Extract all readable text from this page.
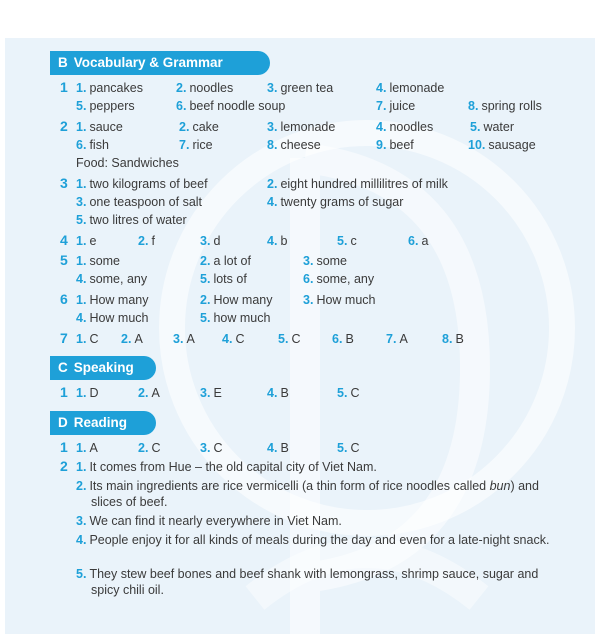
B Vocabulary & Grammar
1 1. pancakes	2. noodles	3. green tea	4. lemonade
5. peppers	6. beef noodle soup	7. juice	8. spring rolls
2 1. sauce	2. cake	3. lemonade	4. noodles	5. water
6. fish	7. rice	8. cheese	9. beef	10. sausage
Food: Sandwiches
3 1. two kilograms of beef	2. eight hundred millilitres of milk
3. one teaspoon of salt	4. twenty grams of sugar
5. two litres of water
4 1. e	2. f	3. d	4. b	5. c	6. a
5 1. some	2. a lot of	3. some
4. some, any	5. lots of	6. some, any
6 1. How many	2. How many 3. How much
4. How much	5. how much
7 1. C 2. A 3. A 4. C	5. C	6. B	7. A	8. B
C Speaking
1 1. D	2. A	3. E	4. B	5. C
D Reading
1 1. A	2. C	3. C	4. B	5. C
2 1. It comes from Hue – the old capital city of Viet Nam.
2. Its main ingredients are rice vermicelli (a thin form of rice noodles called bun) and slices of beef.
3. We can find it nearly everywhere in Viet Nam.
4. People enjoy it for all kinds of meals during the day and even for a late-night snack.
5. They stew beef bones and beef shank with lemongrass, shrimp sauce, sugar and spicy chili oil.
